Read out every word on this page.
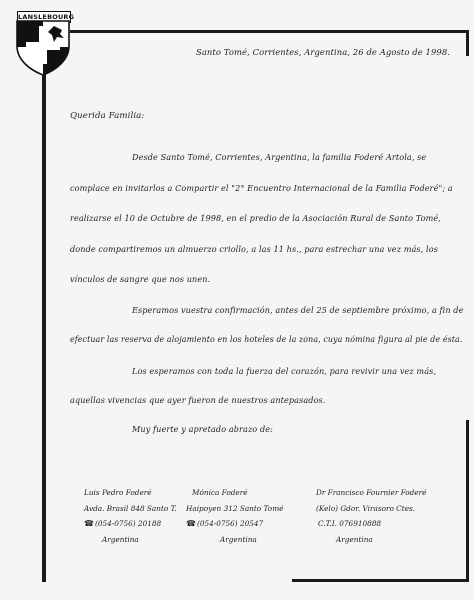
LANSLEBOURG
Santo Tomé, Corrientes, Argentina, 26 de Agosto de 1998.
Querida Familia:
Desde Santo Tomé, Corrientes, Argentina, la familia Foderé Artola, se
complace en invitarlos a Compartir el "2° Encuentro Internacional de la Familia Foderé"; a
realizarse el 10 de Octubre de 1998, en el predio de la Asociación Rural de Santo Tomé,
donde compartiremos un almuerzo criollo, a las 11 hs., para estrechar una vez más, los
vínculos de sangre que nos unen.
Esperamos vuestra confirmación, antes del 25 de septiembre próximo, a fin de
efectuar las reserva de alojamiento en los hoteles de la zona, cuya nómina figura al pie de ésta.
Los esperamos con toda la fuerza del corazón, para revivir una vez más,
aquellas vivencias que ayer fueron de nuestros antepasados.
Muy fuerte y apretado abrazo de:
Luis Pedro Foderé
Avda. Brasil 848 Santo T.
☎ (054-0756) 20188
Argentina
Mónica Foderé
Haipoyen 312 Santo Tomé
☎ (054-0756) 20547
Argentina
Dr Francisco Fournier Foderé
(Kelo) Gdor. Virasoro Ctes.
C.T.I. 076910888
Argentina
